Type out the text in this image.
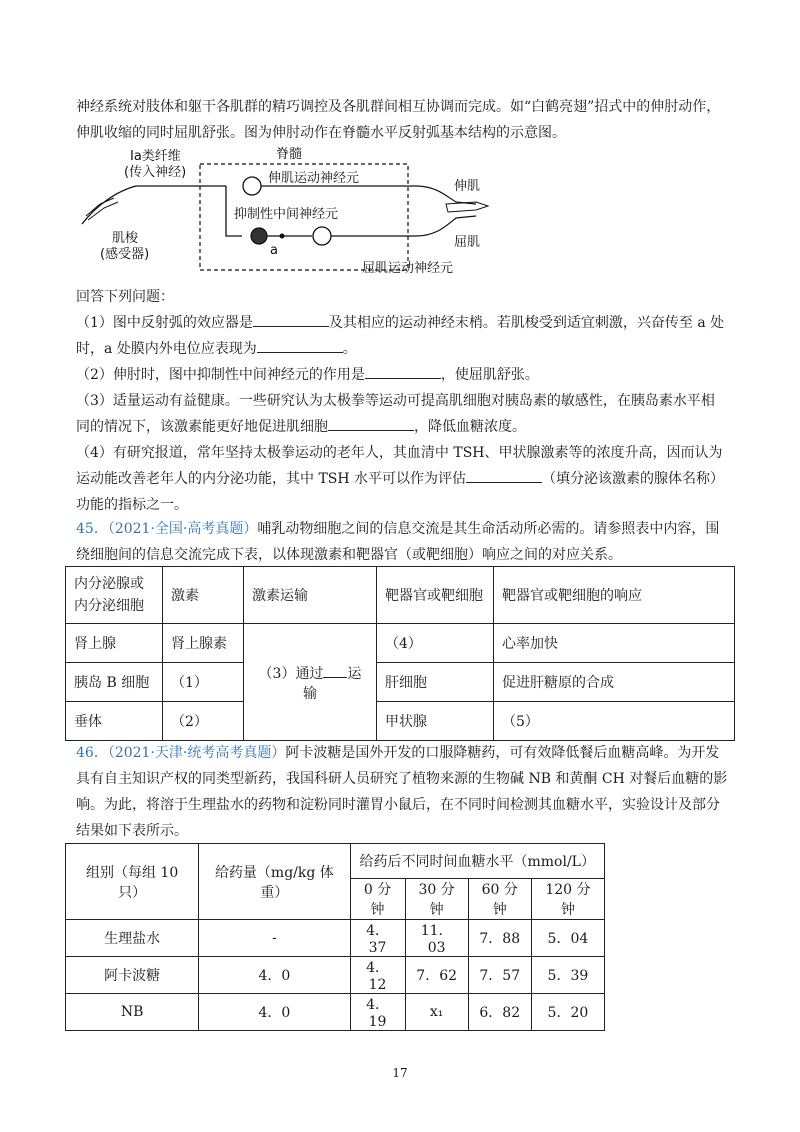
神经系统对肢体和躯干各肌群的精巧调控及各肌群间相互协调而完成。如“白鹤亮翅”招式中的伸肘动作，
伸肌收缩的同时屈肌舒张。图为伸肘动作在脊髓水平反射弧基本结构的示意图。
Ⅰa类纤维
(传入神经)
脊髓
伸肌运动神经元
抑制性中间神经元
a
肌梭
(感受器)
伸肌
屈肌
屈肌运动神经元
回答下列问题：
（1）图中反射弧的效应器是	及其相应的运动神经末梢。若肌梭受到适宜刺激，兴奋传至 a 处
时，a 处膜内外电位应表现为	。
（2）伸肘时，图中抑制性中间神经元的作用是	，使屈肌舒张。
（3）适量运动有益健康。一些研究认为太极拳等运动可提高肌细胞对胰岛素的敏感性，在胰岛素水平相
同的情况下，该激素能更好地促进肌细胞	，降低血糖浓度。
（4）有研究报道，常年坚持太极拳运动的老年人，其血清中 TSH、甲状腺激素等的浓度升高，因而认为
运动能改善老年人的内分泌功能，其中 TSH 水平可以作为评估	（填分泌该激素的腺体名称）
功能的指标之一。
45．（2021·全国·高考真题）哺乳动物细胞之间的信息交流是其生命活动所必需的。请参照表中内容，围
绕细胞间的信息交流完成下表，以体现激素和靶器官（或靶细胞）响应之间的对应关系。
内分泌腺或
内分泌细胞	激素	激素运输	靶器官或靶细胞	靶器官或靶细胞的响应
肾上腺	肾上腺素	（3）通过 运输	（4）	心率加快
胰岛 B 细胞	（1）		肝细胞	促进肝糖原的合成
垂体	（2）		甲状腺	（5）
46．（2021·天津·统考高考真题）阿卡波糖是国外开发的口服降糖药，可有效降低餐后血糖高峰。为开发
具有自主知识产权的同类型新药，我国科研人员研究了植物来源的生物碱 NB 和黄酮 CH 对餐后血糖的影
响。为此，将溶于生理盐水的药物和淀粉同时灌胃小鼠后，在不同时间检测其血糖水平，实验设计及部分
结果如下表所示。
组别（每组 10 只）	给药量（mg/kg 体重）	给药后不同时间血糖水平（mmol/L）			
		0 分钟	30 分钟	60 分钟	120 分钟
生理盐水	-	4．37	11．03	7．88	5．04
阿卡波糖	4．0	4．12	7．62	7．57	5．39
NB	4．0	4．19	x₁	6．82	5．20
17
